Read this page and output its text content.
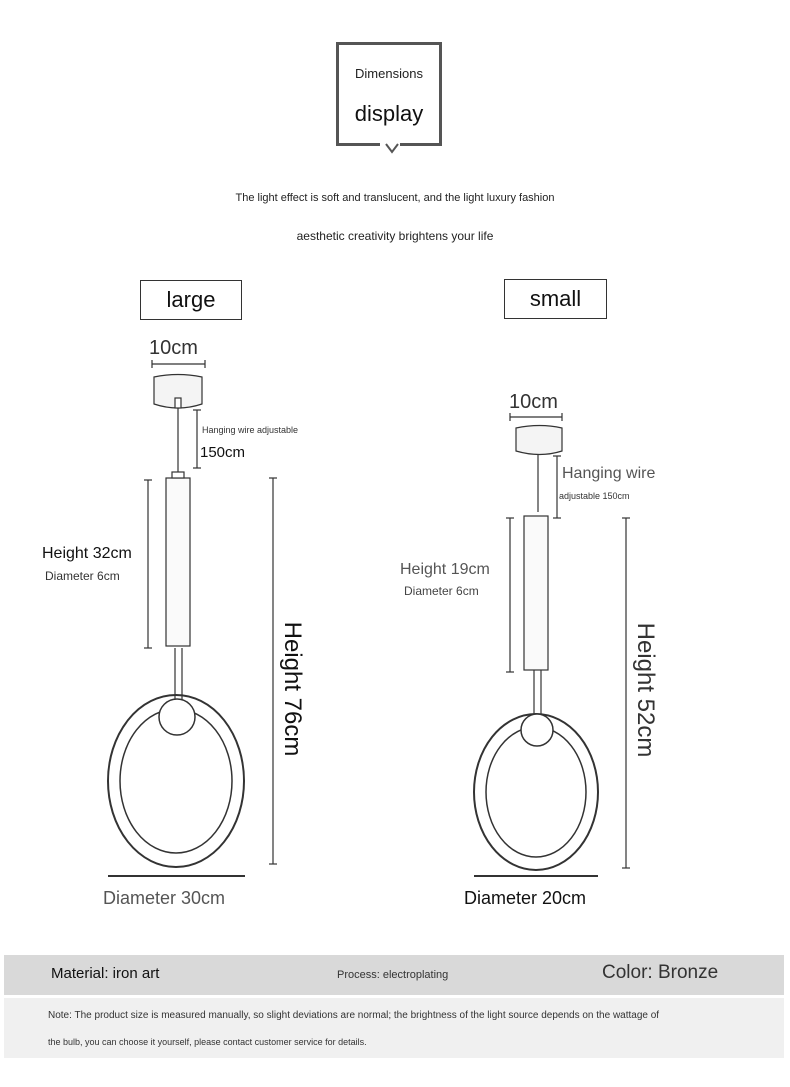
Dimensions
display
The light effect is soft and translucent, and the light luxury fashion
aesthetic creativity brightens your life
large	small
10cm
Hanging wire adjustable
150cm
Height 32cm
Diameter 6cm
Height 76cm
Diameter 30cm
10cm
Hanging wire
adjustable 150cm
Height 19cm
Diameter 6cm
Height 52cm
Diameter 20cm
Material: iron art	Process: electroplating	Color: Bronze
Note: The product size is measured manually, so slight deviations are normal; the brightness of the light source depends on the wattage of
the bulb, you can choose it yourself, please contact customer service for details.
